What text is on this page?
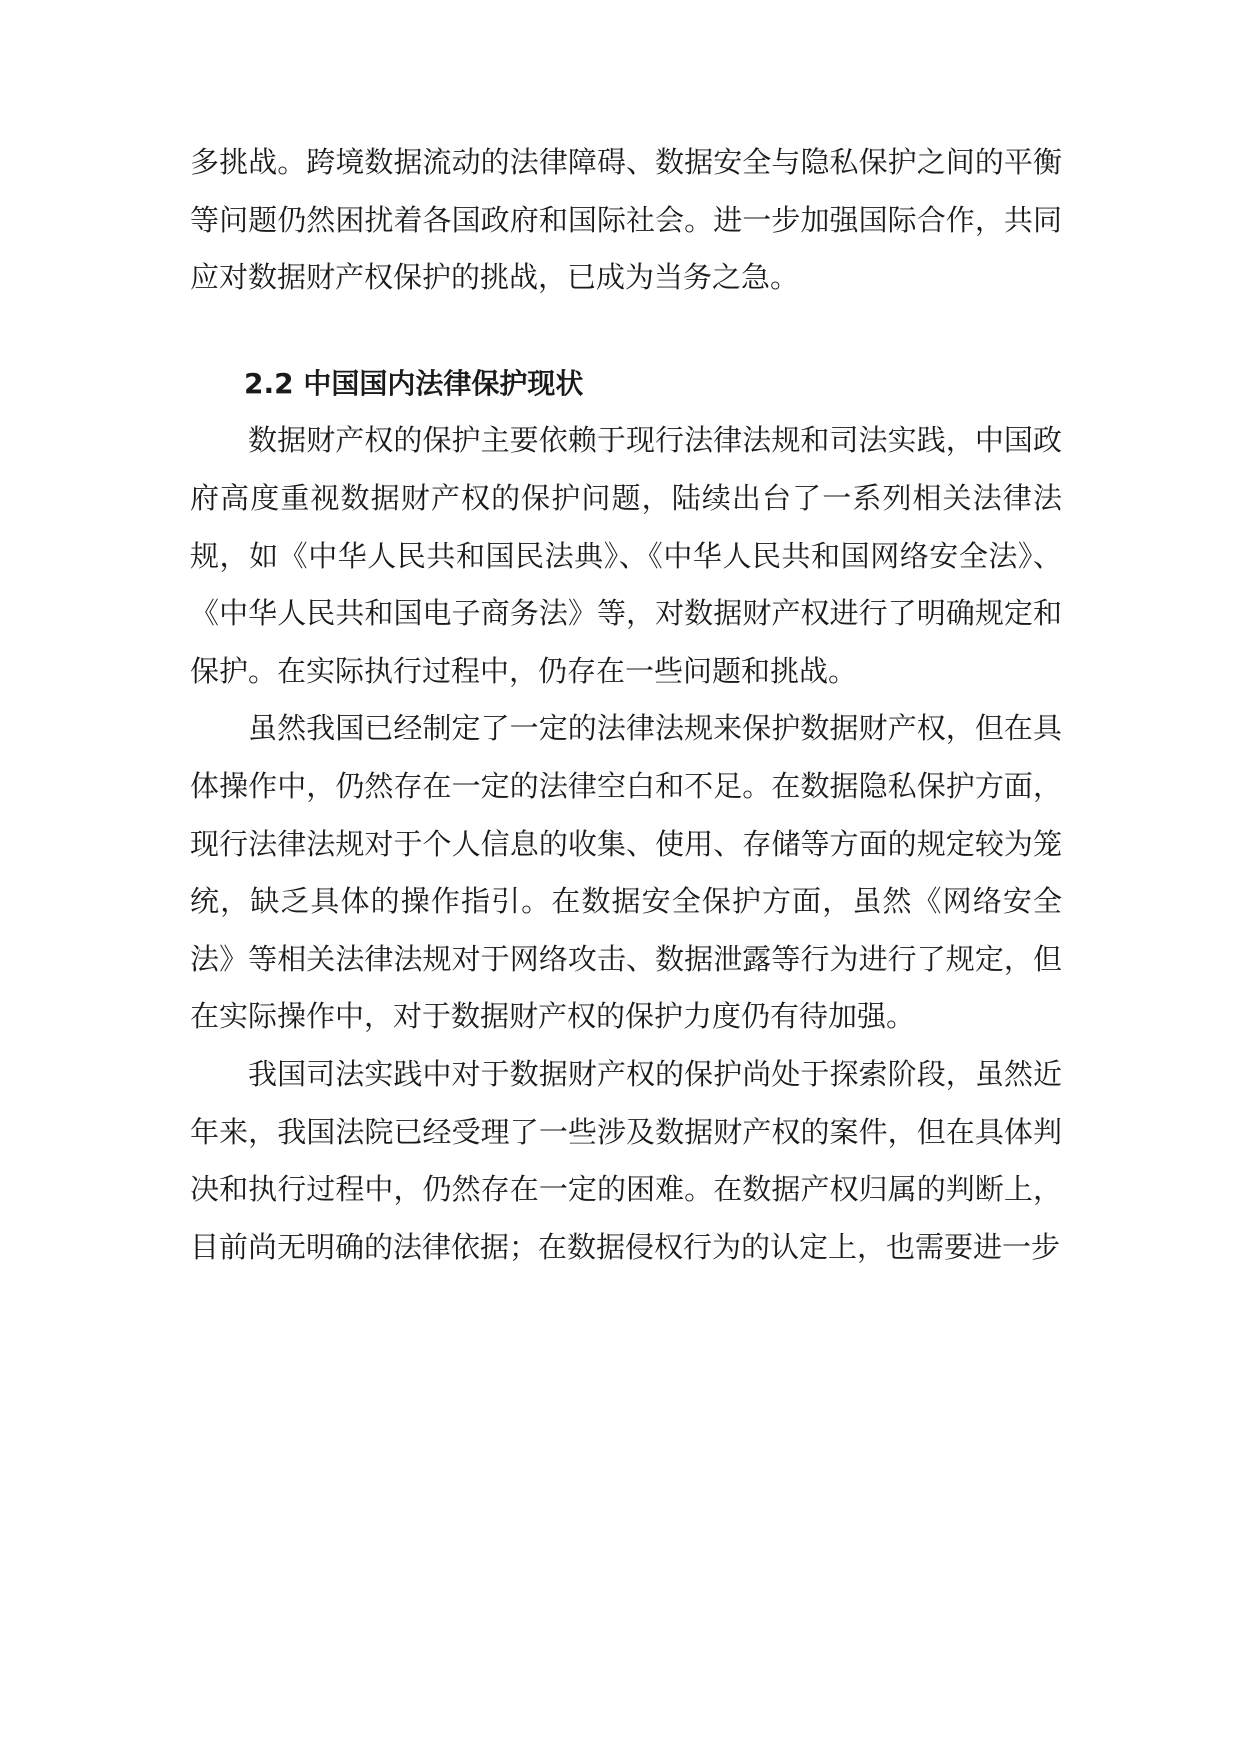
多挑战。跨境数据流动的法律障碍、数据安全与隐私保护之间的平衡等问题仍然困扰着各国政府和国际社会。进一步加强国际合作，共同应对数据财产权保护的挑战，已成为当务之急。

2.2 中国国内法律保护现状

数据财产权的保护主要依赖于现行法律法规和司法实践，中国政府高度重视数据财产权的保护问题，陆续出台了一系列相关法律法规，如《中华人民共和国民法典》、《中华人民共和国网络安全法》、《中华人民共和国电子商务法》等，对数据财产权进行了明确规定和保护。在实际执行过程中，仍存在一些问题和挑战。

虽然我国已经制定了一定的法律法规来保护数据财产权，但在具体操作中，仍然存在一定的法律空白和不足。在数据隐私保护方面，现行法律法规对于个人信息的收集、使用、存储等方面的规定较为笼统，缺乏具体的操作指引。在数据安全保护方面，虽然《网络安全法》等相关法律法规对于网络攻击、数据泄露等行为进行了规定，但在实际操作中，对于数据财产权的保护力度仍有待加强。

我国司法实践中对于数据财产权的保护尚处于探索阶段，虽然近年来，我国法院已经受理了一些涉及数据财产权的案件，但在具体判决和执行过程中，仍然存在一定的困难。在数据产权归属的判断上，目前尚无明确的法律依据；在数据侵权行为的认定上，也需要进一步
